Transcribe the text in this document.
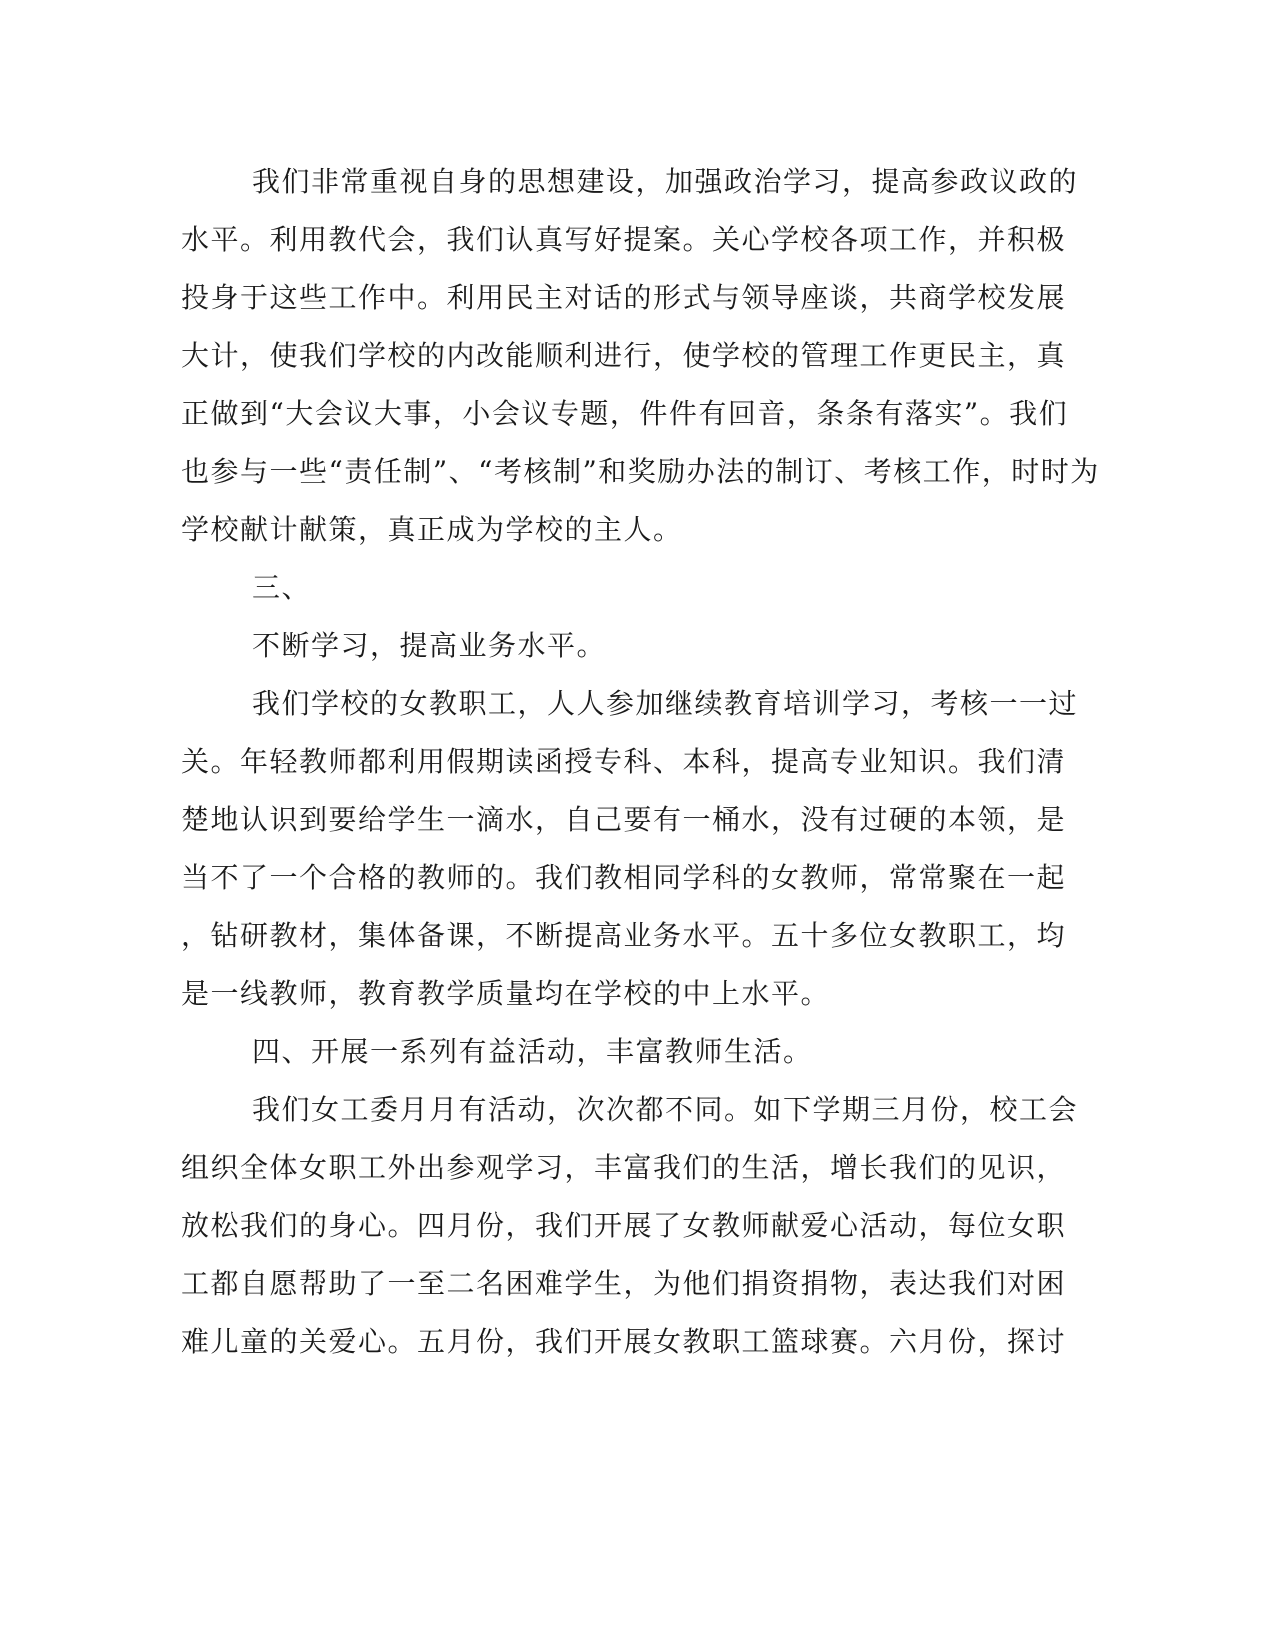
我们非常重视自身的思想建设，加强政治学习，提高参政议政的
水平。利用教代会，我们认真写好提案。关心学校各项工作，并积极
投身于这些工作中。利用民主对话的形式与领导座谈，共商学校发展
大计，使我们学校的内改能顺利进行，使学校的管理工作更民主，真
正做到“大会议大事，小会议专题，件件有回音，条条有落实”。我们
也参与一些“责任制”、“考核制”和奖励办法的制订、考核工作，时时为
学校献计献策，真正成为学校的主人。
三、
不断学习，提高业务水平。
我们学校的女教职工，人人参加继续教育培训学习，考核一一过
关。年轻教师都利用假期读函授专科、本科，提高专业知识。我们清
楚地认识到要给学生一滴水，自己要有一桶水，没有过硬的本领，是
当不了一个合格的教师的。我们教相同学科的女教师，常常聚在一起
，钻研教材，集体备课，不断提高业务水平。五十多位女教职工，均
是一线教师，教育教学质量均在学校的中上水平。
四、开展一系列有益活动，丰富教师生活。
我们女工委月月有活动，次次都不同。如下学期三月份，校工会
组织全体女职工外出参观学习，丰富我们的生活，增长我们的见识，
放松我们的身心。四月份，我们开展了女教师献爱心活动，每位女职
工都自愿帮助了一至二名困难学生，为他们捐资捐物，表达我们对困
难儿童的关爱心。五月份，我们开展女教职工篮球赛。六月份，探讨
